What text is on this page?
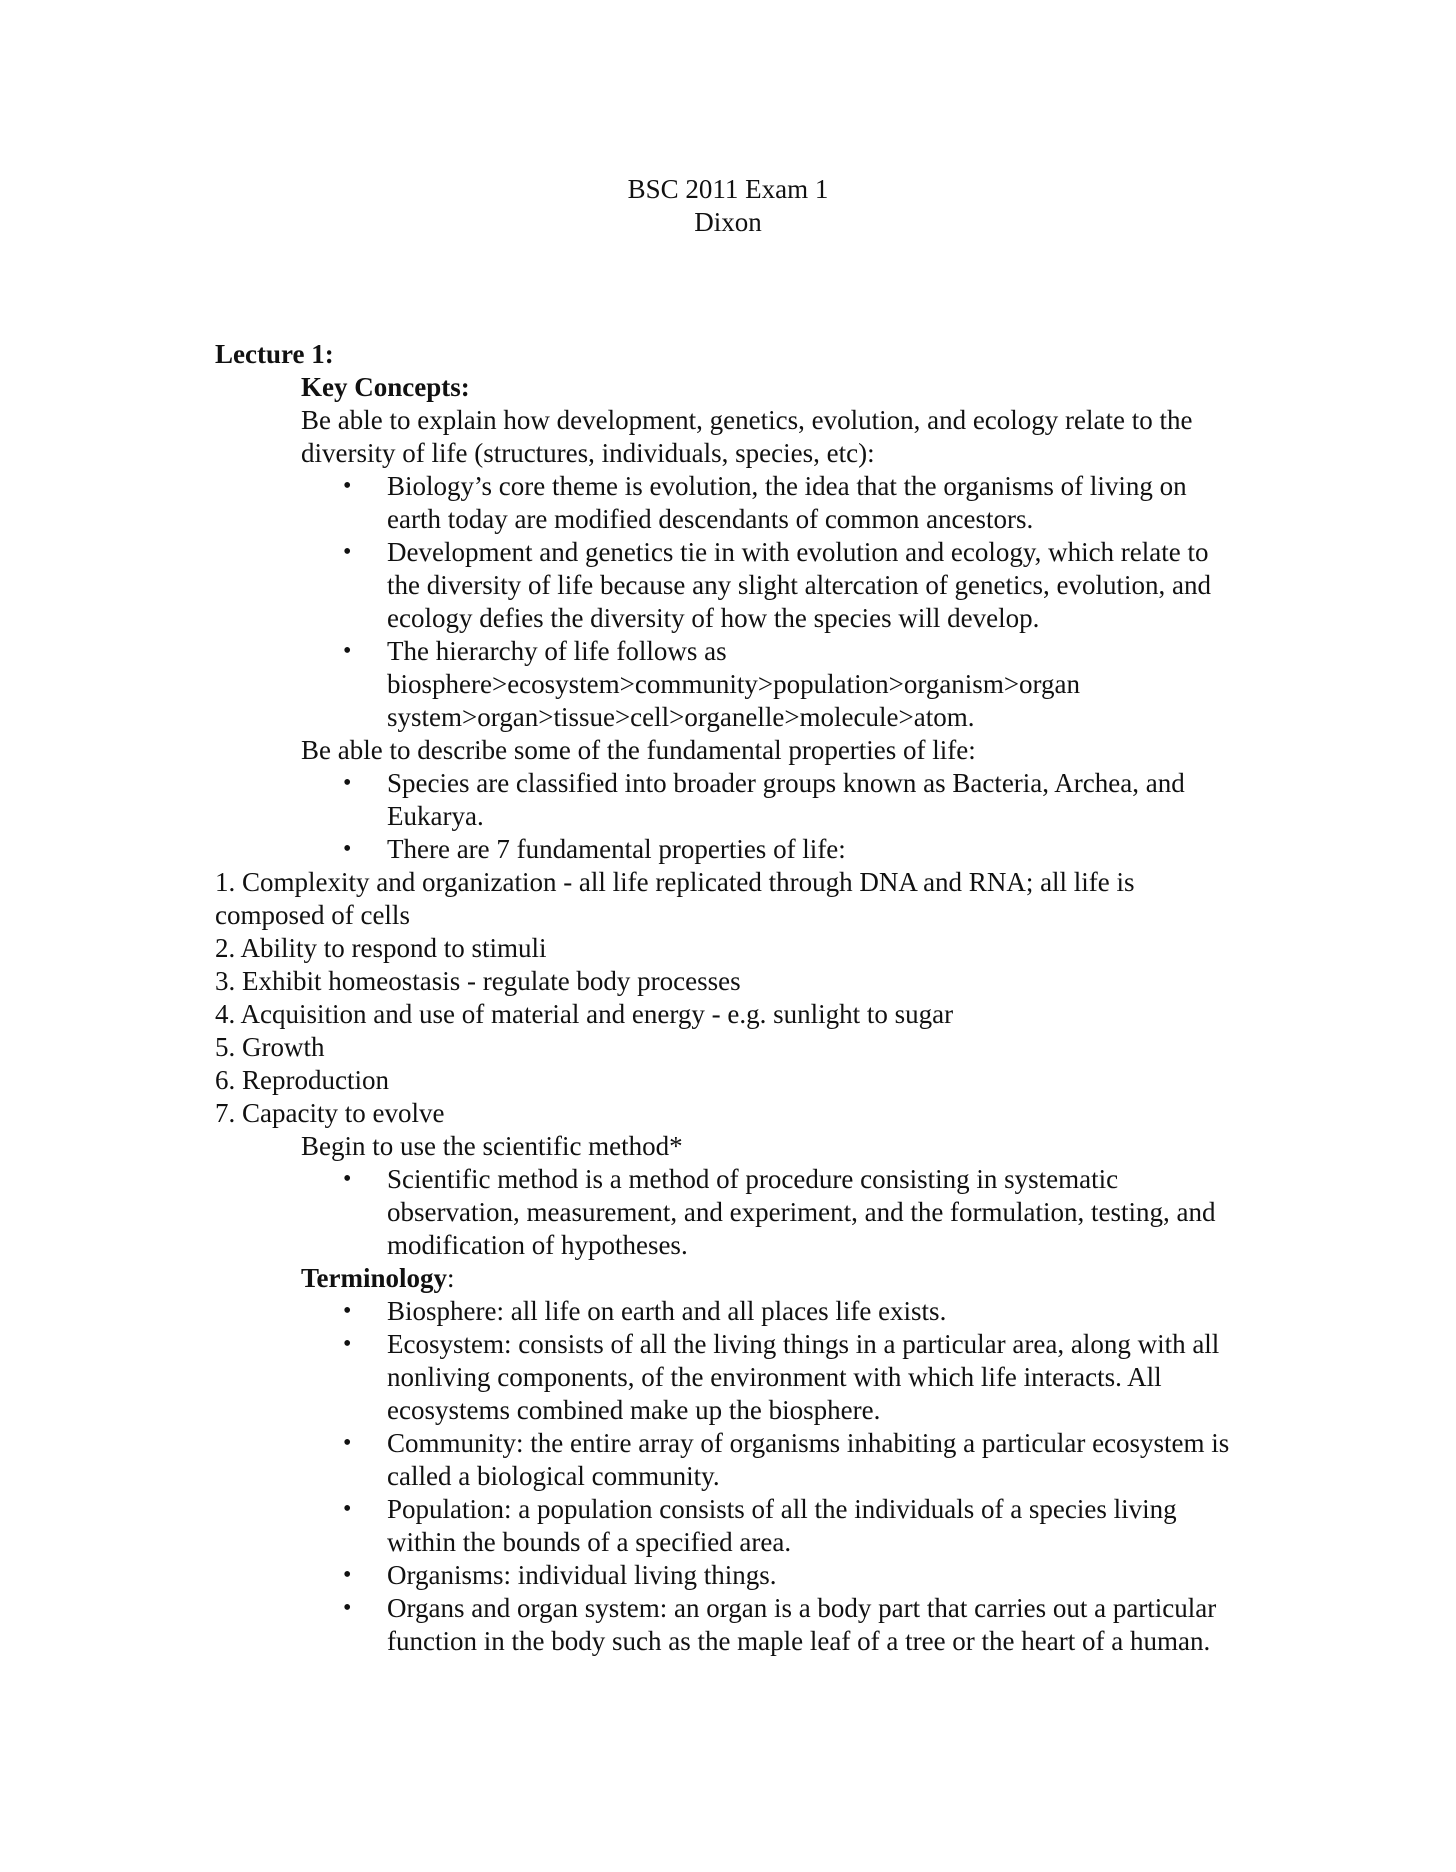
BSC 2011 Exam 1
Dixon

Lecture 1:

Key Concepts:

Be able to explain how development, genetics, evolution, and ecology relate to the diversity of life (structures, individuals, species, etc):

• Biology’s core theme is evolution, the idea that the organisms of living on earth today are modified descendants of common ancestors.
• Development and genetics tie in with evolution and ecology, which relate to the diversity of life because any slight altercation of genetics, evolution, and ecology defies the diversity of how the species will develop.
• The hierarchy of life follows as biosphere>ecosystem>community>population>organism>organ system>organ>tissue>cell>organelle>molecule>atom.

Be able to describe some of the fundamental properties of life:

• Species are classified into broader groups known as Bacteria, Archea, and Eukarya.
• There are 7 fundamental properties of life:
1. Complexity and organization - all life replicated through DNA and RNA; all life is composed of cells
2. Ability to respond to stimuli
3. Exhibit homeostasis - regulate body processes
4. Acquisition and use of material and energy - e.g. sunlight to sugar
5. Growth
6. Reproduction
7. Capacity to evolve

Begin to use the scientific method*

• Scientific method is a method of procedure consisting in systematic observation, measurement, and experiment, and the formulation, testing, and modification of hypotheses.

Terminology:

• Biosphere: all life on earth and all places life exists.
• Ecosystem: consists of all the living things in a particular area, along with all nonliving components, of the environment with which life interacts. All ecosystems combined make up the biosphere.
• Community: the entire array of organisms inhabiting a particular ecosystem is called a biological community.
• Population: a population consists of all the individuals of a species living within the bounds of a specified area.
• Organisms: individual living things.
• Organs and organ system: an organ is a body part that carries out a particular function in the body such as the maple leaf of a tree or the heart of a human.
